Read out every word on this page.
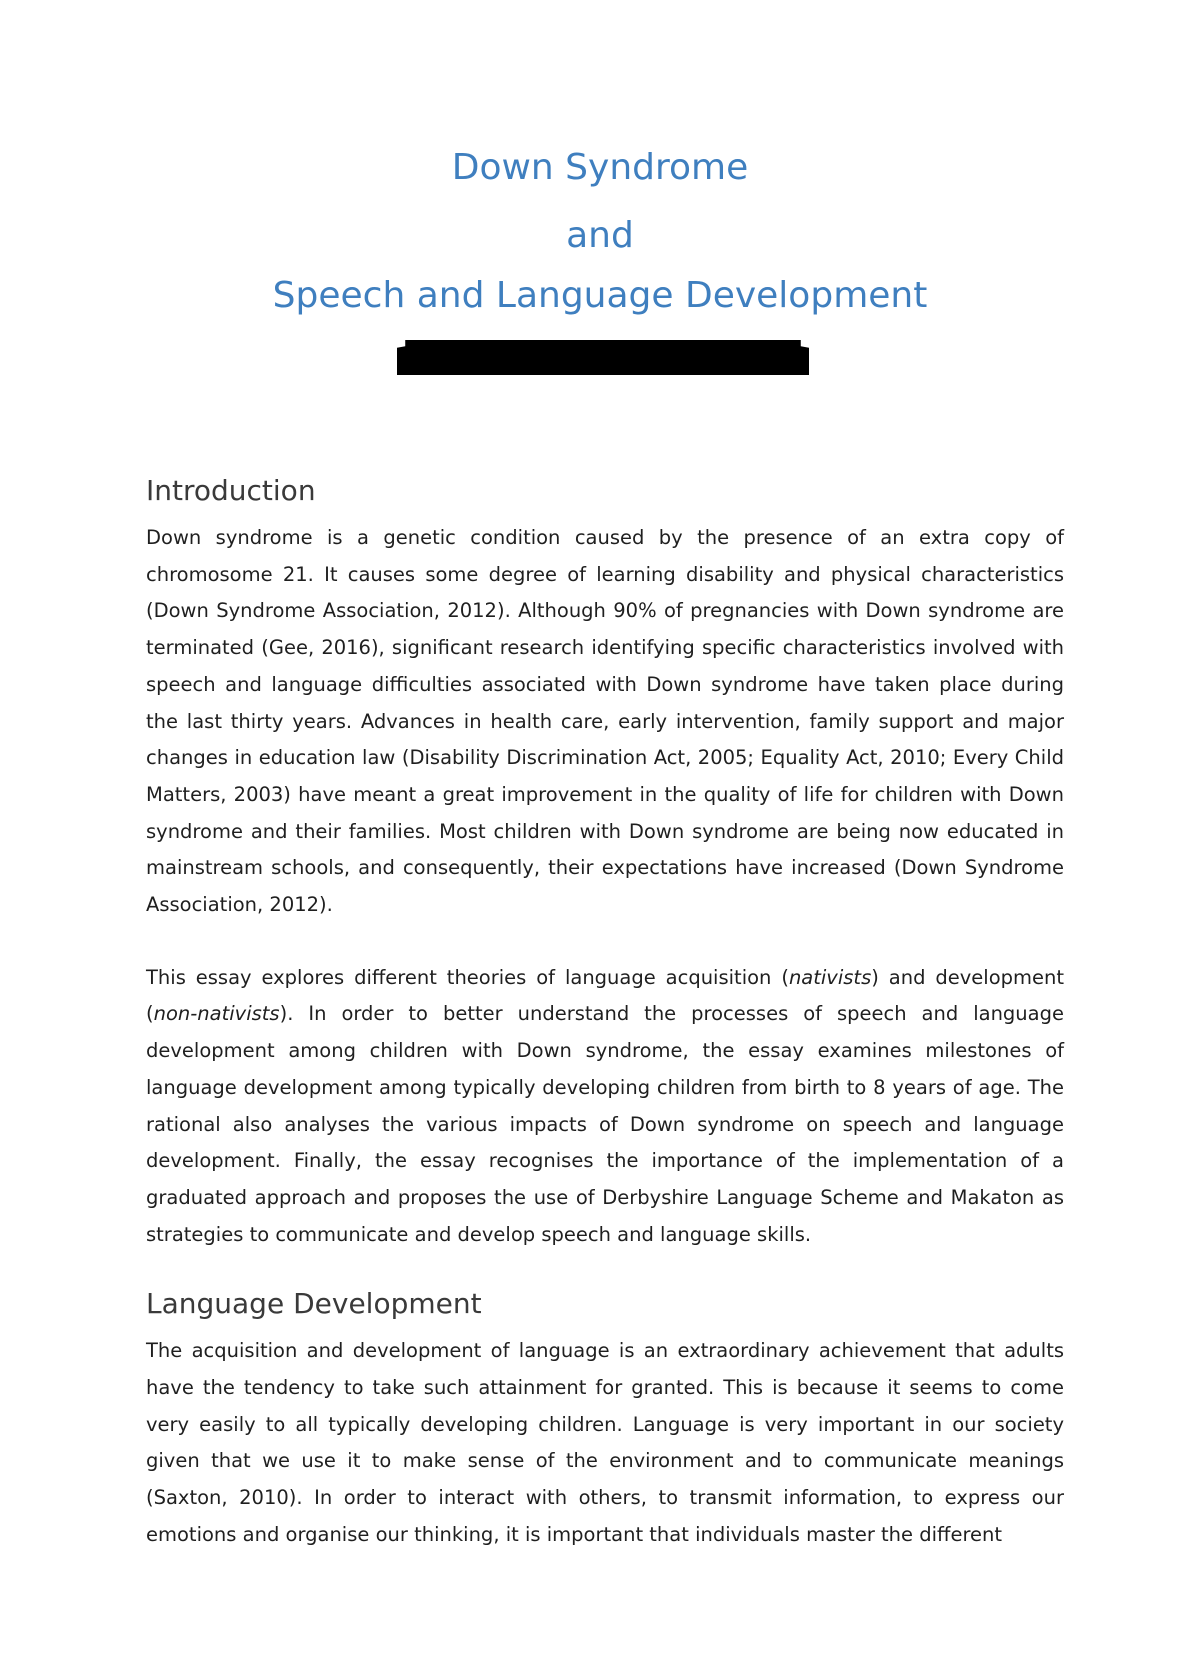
Down Syndrome
and
Speech and Language Development
Introduction

Down syndrome is a genetic condition caused by the presence of an extra copy of chromosome 21. It causes some degree of learning disability and physical characteristics (Down Syndrome Association, 2012). Although 90% of pregnancies with Down syndrome are terminated (Gee, 2016), significant research identifying specific characteristics involved with speech and language difficulties associated with Down syndrome have taken place during the last thirty years. Advances in health care, early intervention, family support and major changes in education law (Disability Discrimination Act, 2005; Equality Act, 2010; Every Child Matters, 2003) have meant a great improvement in the quality of life for children with Down syndrome and their families. Most children with Down syndrome are being now educated in mainstream schools, and consequently, their expectations have increased (Down Syndrome Association, 2012).

This essay explores different theories of language acquisition (nativists) and development (non-nativists). In order to better understand the processes of speech and language development among children with Down syndrome, the essay examines milestones of language development among typically developing children from birth to 8 years of age. The rational also analyses the various impacts of Down syndrome on speech and language development. Finally, the essay recognises the importance of the implementation of a graduated approach and proposes the use of Derbyshire Language Scheme and Makaton as strategies to communicate and develop speech and language skills.

Language Development

The acquisition and development of language is an extraordinary achievement that adults have the tendency to take such attainment for granted. This is because it seems to come very easily to all typically developing children. Language is very important in our society given that we use it to make sense of the environment and to communicate meanings (Saxton, 2010). In order to interact with others, to transmit information, to express our emotions and organise our thinking, it is important that individuals master the different
